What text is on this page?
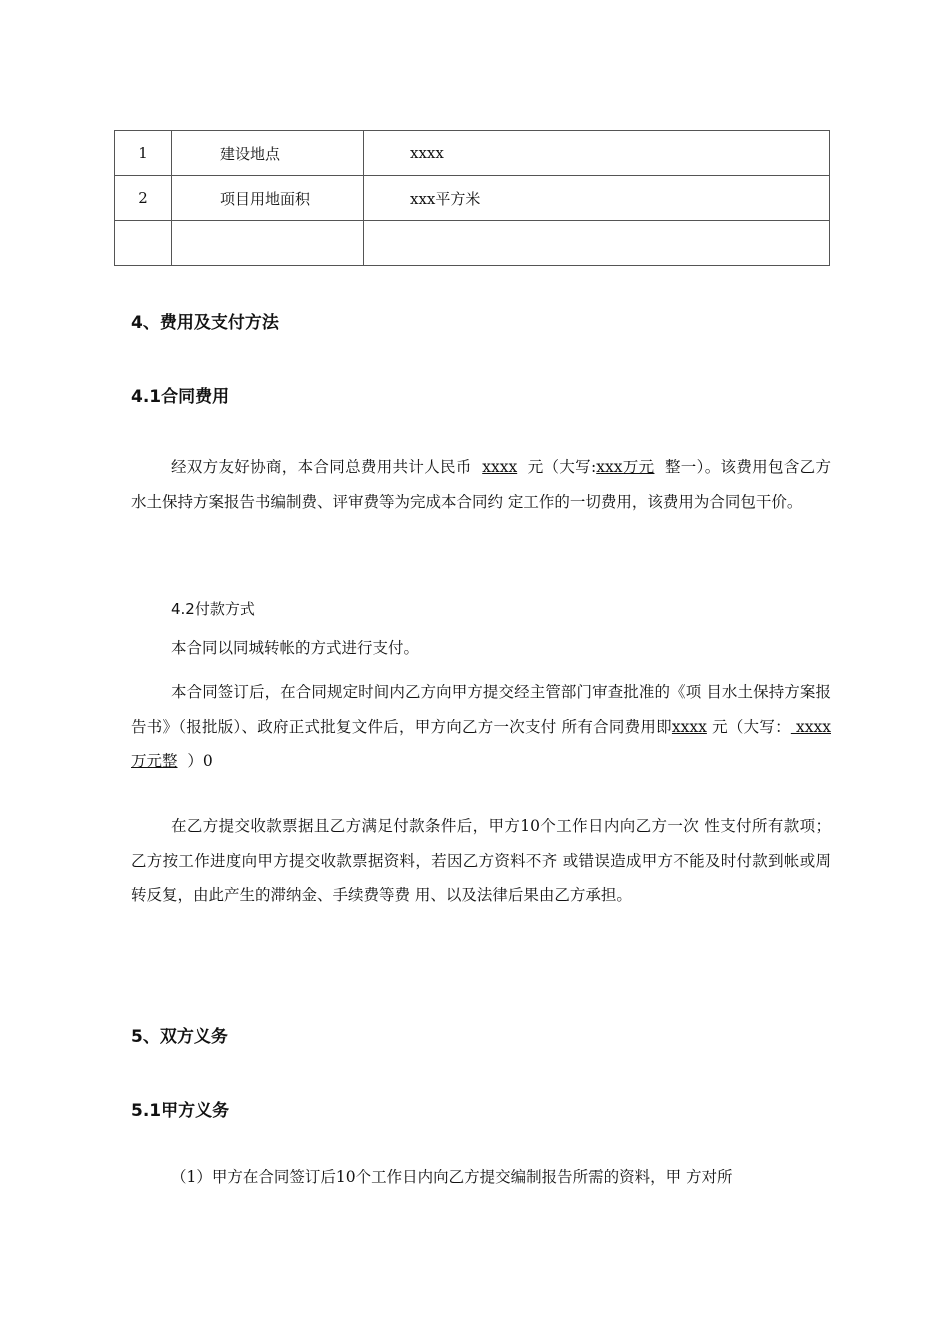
1	建设地点	xxxx
2	项目用地面积	xxx平方米

4、费用及支付方法
4.1合同费用

经双方友好协商，本合同总费用共计人民币 xxxx 元（大写:xxx万元 整一）。该费用包含乙方水土保持方案报告书编制费、评审费等为完成本合同约 定工作的一切费用，该费用为合同包干价。

4.2付款方式

本合同以同城转帐的方式进行支付。

本合同签订后，在合同规定时间内乙方向甲方提交经主管部门审查批准的《项 目水土保持方案报告书》（报批版）、政府正式批复文件后，甲方向乙方一次支付 所有合同费用即xxxx 元（大写： xxxx万元整 ）0

在乙方提交收款票据且乙方满足付款条件后，甲方10个工作日内向乙方一次 性支付所有款项；乙方按工作进度向甲方提交收款票据资料，若因乙方资料不齐 或错误造成甲方不能及时付款到帐或周转反复，由此产生的滞纳金、手续费等费 用、以及法律后果由乙方承担。

5、双方义务
5.1甲方义务

（1）甲方在合同签订后10个工作日内向乙方提交编制报告所需的资料，甲 方对所
